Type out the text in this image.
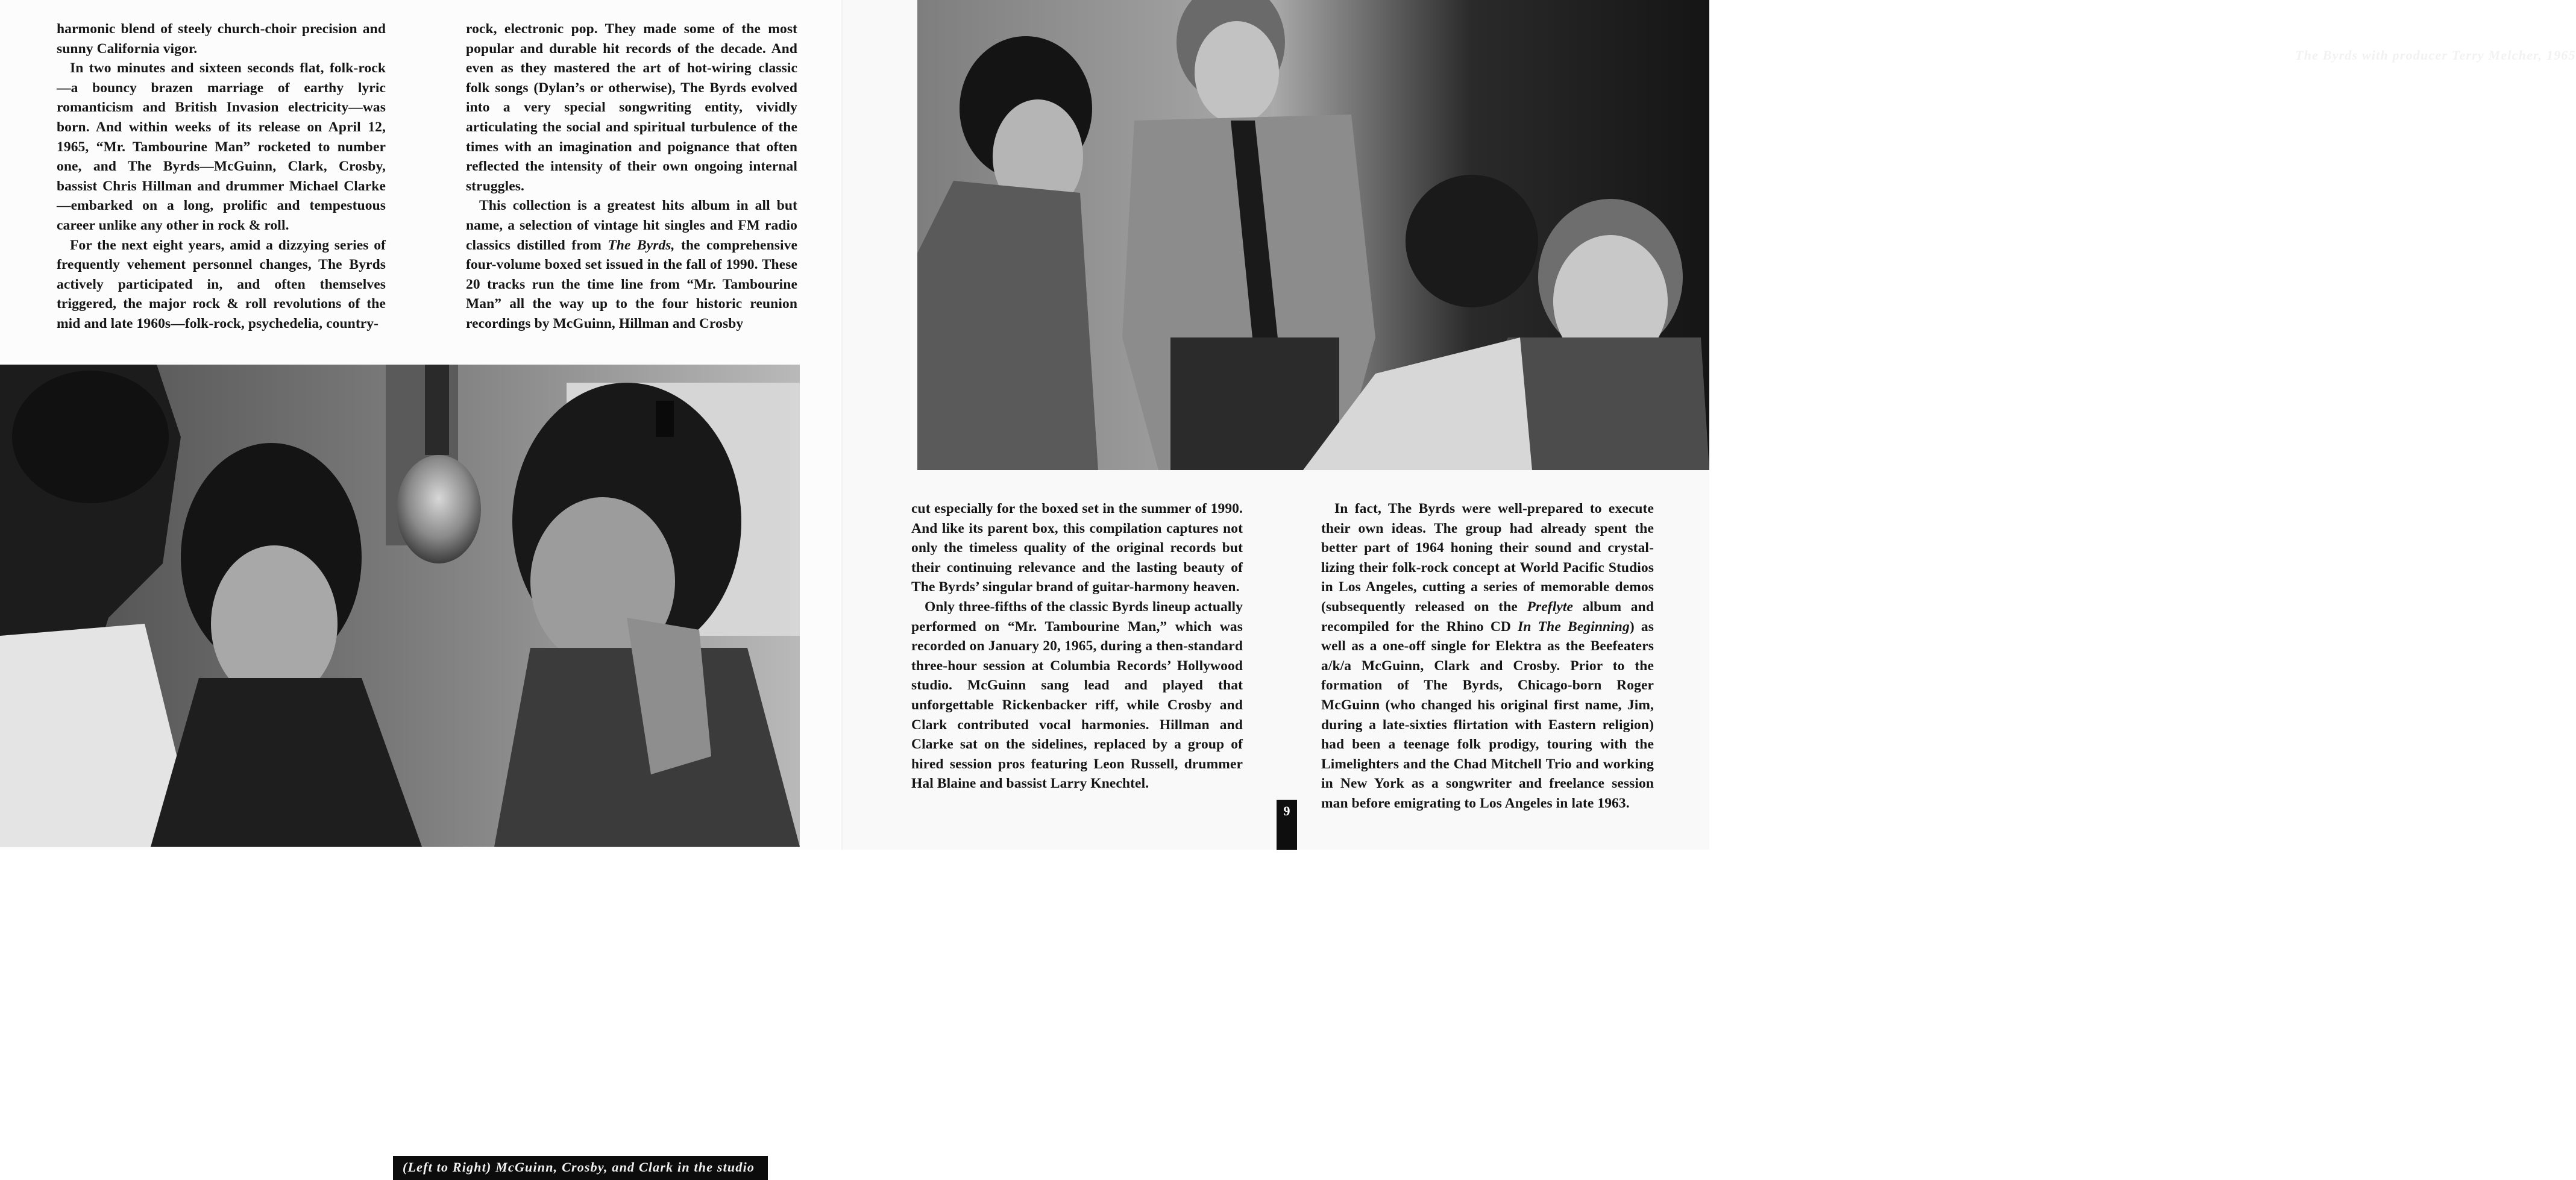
harmonic blend of steely church-choir precision and sunny California vigor.

In two minutes and sixteen seconds flat, folk-rock—a bouncy brazen marriage of earthy lyric romanticism and British Invasion electricity—was born. And within weeks of its release on April 12, 1965, “Mr. Tambourine Man” rocketed to number one, and The Byrds—McGuinn, Clark, Crosby, bassist Chris Hillman and drummer Michael Clarke—embarked on a long, prolific and tempestuous career unlike any other in rock & roll.

For the next eight years, amid a dizzying series of frequently vehement personnel changes, The Byrds actively participated in, and often themselves triggered, the major rock & roll revolutions of the mid and late 1960s—folk-rock, psychedelia, country-

rock, electronic pop. They made some of the most popular and durable hit records of the decade. And even as they mastered the art of hot-wiring classic folk songs (Dylan’s or otherwise), The Byrds evolved into a very special songwriting entity, vividly articulating the social and spiritual turbulence of the times with an imagination and poignance that often reflected the intensity of their own ongoing internal struggles.

This collection is a greatest hits album in all but name, a selection of vintage hit singles and FM radio classics distilled from The Byrds, the comprehensive four-volume boxed set issued in the fall of 1990. These 20 tracks run the time line from “Mr. Tambourine Man” all the way up to the four historic reunion recordings by McGuinn, Hillman and Crosby

(Left to Right) McGuinn, Crosby, and Clark in the studio
The Byrds with producer Terry Melcher, 1965

cut especially for the boxed set in the summer of 1990. And like its parent box, this compilation captures not only the timeless quality of the original records but their continuing relevance and the lasting beauty of The Byrds’ singular brand of guitar-harmony heaven.

Only three-fifths of the classic Byrds lineup actually performed on “Mr. Tambourine Man,” which was recorded on January 20, 1965, during a then-standard three-hour session at Columbia Records’ Hollywood studio. McGuinn sang lead and played that unforgettable Rickenbacker riff, while Crosby and Clark contributed vocal harmonies. Hillman and Clarke sat on the sidelines, replaced by a group of hired session pros featuring Leon Russell, drummer Hal Blaine and bassist Larry Knechtel.

In fact, The Byrds were well-prepared to execute their own ideas. The group had already spent the better part of 1964 honing their sound and crystal-lizing their folk-rock concept at World Pacific Studios in Los Angeles, cutting a series of memorable demos (subsequently released on the Preflyte album and recompiled for the Rhino CD In The Beginning) as well as a one-off single for Elektra as the Beefeaters a/k/a McGuinn, Clark and Crosby. Prior to the formation of The Byrds, Chicago-born Roger McGuinn (who changed his original first name, Jim, during a late-sixties flirtation with Eastern religion) had been a teenage folk prodigy, touring with the Limelighters and the Chad Mitchell Trio and working in New York as a songwriter and freelance session man before emigrating to Los Angeles in late 1963.

9
